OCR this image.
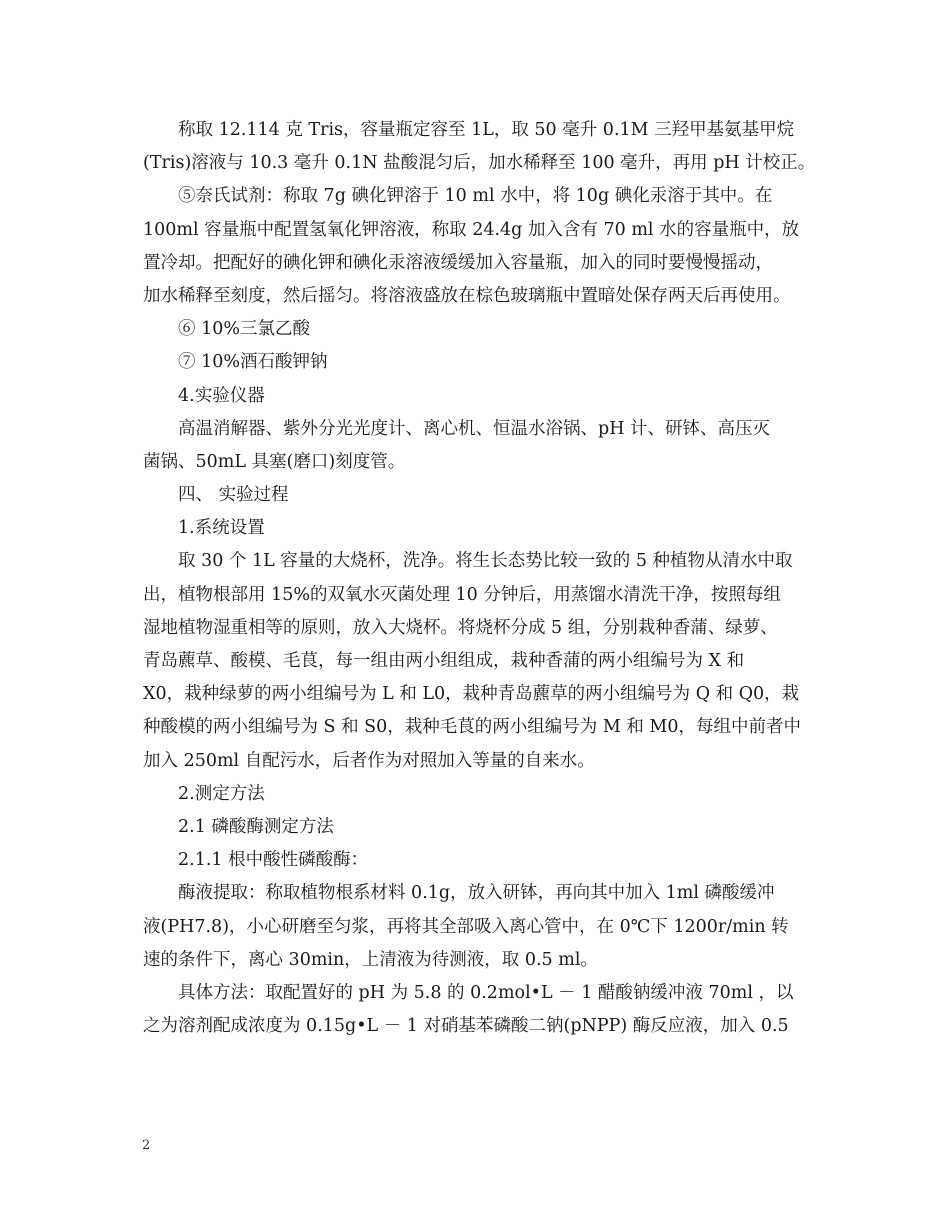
称取 12.114 克 Tris，容量瓶定容至 1L，取 50 毫升 0.1M 三羟甲基氨基甲烷
(Tris)溶液与 10.3 毫升 0.1N 盐酸混匀后，加水稀释至 100 毫升，再用 pH 计校正。
⑤奈氏试剂：称取 7g 碘化钾溶于 10 ml 水中，将 10g 碘化汞溶于其中。在
100ml 容量瓶中配置氢氧化钾溶液，称取 24.4g 加入含有 70 ml 水的容量瓶中，放
置冷却。把配好的碘化钾和碘化汞溶液缓缓加入容量瓶，加入的同时要慢慢摇动，
加水稀释至刻度，然后摇匀。将溶液盛放在棕色玻璃瓶中置暗处保存两天后再使用。
⑥ 10%三氯乙酸
⑦ 10%酒石酸钾钠
4.实验仪器
高温消解器、紫外分光光度计、离心机、恒温水浴锅、pH 计、研钵、高压灭
菌锅、50mL 具塞(磨口)刻度管。
四、 实验过程
1.系统设置
取 30 个 1L 容量的大烧杯，洗净。将生长态势比较一致的 5 种植物从清水中取
出，植物根部用 15%的双氧水灭菌处理 10 分钟后，用蒸馏水清洗干净，按照每组
湿地植物湿重相等的原则，放入大烧杯。将烧杯分成 5 组，分别栽种香蒲、绿萝、
青岛藨草、酸模、毛茛，每一组由两小组组成，栽种香蒲的两小组编号为 X 和
X0，栽种绿萝的两小组编号为 L 和 L0，栽种青岛藨草的两小组编号为 Q 和 Q0，栽
种酸模的两小组编号为 S 和 S0，栽种毛茛的两小组编号为 M 和 M0，每组中前者中
加入 250ml 自配污水，后者作为对照加入等量的自来水。
2.测定方法
2.1 磷酸酶测定方法
2.1.1 根中酸性磷酸酶：
酶液提取：称取植物根系材料 0.1g，放入研钵，再向其中加入 1ml 磷酸缓冲
液(PH7.8)，小心研磨至匀浆，再将其全部吸入离心管中，在 0℃下 1200r/min 转
速的条件下，离心 30min，上清液为待测液，取 0.5 ml。
具体方法：取配置好的 pH 为 5.8 的 0.2mol•L － 1 醋酸钠缓冲液 70ml ，以
之为溶剂配成浓度为 0.15g•L － 1 对硝基苯磷酸二钠(pNPP) 酶反应液，加入 0.5
2
